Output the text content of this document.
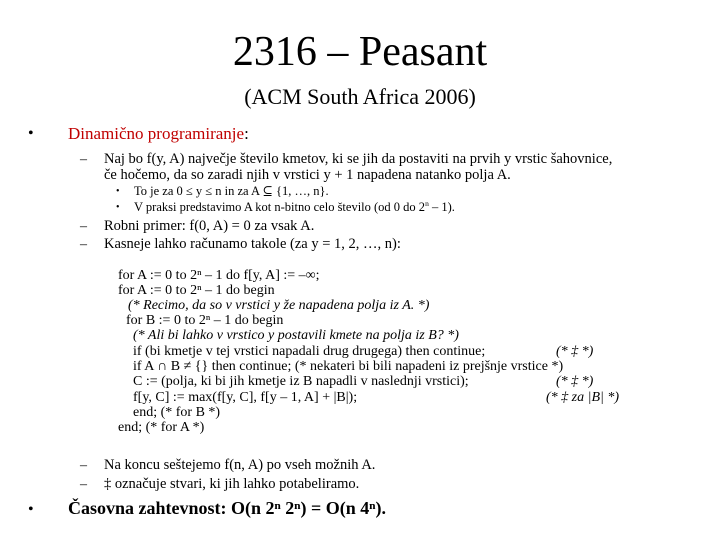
2316 – Peasant
(ACM South Africa 2006)
• Dinamično programiranje:
– Naj bo f(y, A) največje število kmetov, ki se jih da postaviti na prvih y vrstic šahovnice,
če hočemo, da so zaradi njih v vrstici y + 1 napadena natanko polja A.
• To je za 0 ≤ y ≤ n in za A ⊆ {1, …, n}.
• V praksi predstavimo A kot n-bitno celo število (od 0 do 2$^n$ – 1).
– Robni primer: f(0, A) = 0 za vsak A.
– Kasneje lahko računamo takole (za y = 1, 2, …, n):
for A := 0 to 2ⁿ – 1 do f[y, A] := –∞;
for A := 0 to 2ⁿ – 1 do begin
(* Recimo, da so v vrstici y že napadena polja iz A. *)
for B := 0 to 2ⁿ – 1 do begin
(* Ali bi lahko v vrstico y postavili kmete na polja iz B? *)
if (bi kmetje v tej vrstici napadali drug drugega) then continue;	(* ‡ *)
if A ∩ B ≠ {} then continue; (* nekateri bi bili napadeni iz prejšnje vrstice *)
C := (polja, ki bi jih kmetje iz B napadli v naslednji vrstici);	(* ‡ *)
f[y, C] := max(f[y, C], f[y – 1, A] + |B|);	(* ‡ za |B| *)
end; (* for B *)
end; (* for A *)
– Na koncu seštejemo f(n, A) po vseh možnih A.
– ‡ označuje stvari, ki jih lahko potabeliramo.
• Časovna zahtevnost: O(n 2ⁿ 2ⁿ) = O(n 4ⁿ).
